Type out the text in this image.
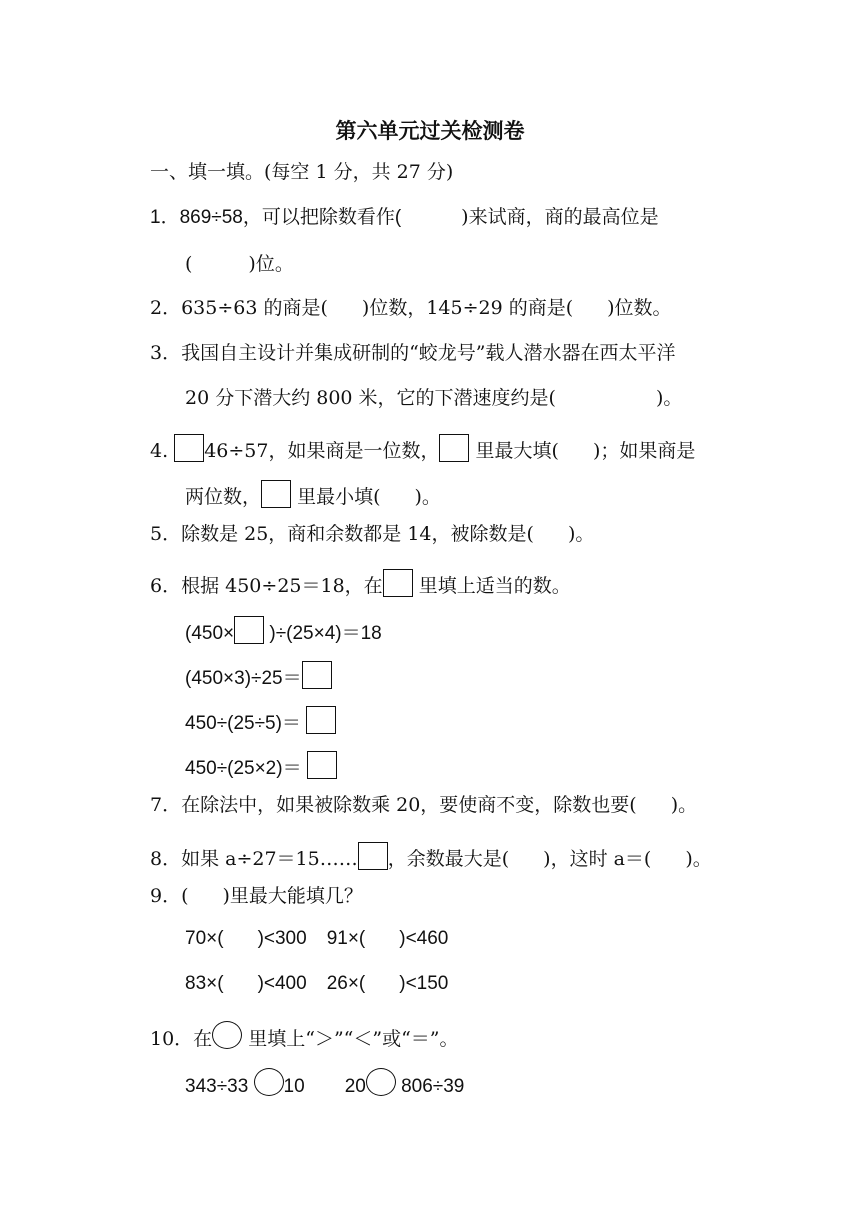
第六单元过关检测卷
一、填一填。(每空 1 分，共 27 分)
1．869÷58，可以把除数看作(	)来试商，商的最高位是
(	)位。
2．635÷63 的商是( )位数，145÷29 的商是( )位数。
3．我国自主设计并集成研制的“蛟龙号”载人潜水器在西太平洋
20 分下潜大约 800 米，它的下潜速度约是(	)。
4. 46÷57，如果商是一位数， 里最大填( )；如果商是
两位数， 里最小填( )。
5．除数是 25，商和余数都是 14，被除数是( )。
6．根据 450÷25＝18，在 里填上适当的数。
(450× )÷(25×4)＝18
(450×3)÷25＝
450÷(25÷5)＝
450÷(25×2)＝
7．在除法中，如果被除数乘 20，要使商不变，除数也要( )。
8．如果 a÷27＝15…… ，余数最大是( )，这时 a＝( )。
9．( )里最大能填几？
70×( )<300 91×( )<460
83×( )<400 26×( )<150
10．在 里填上“＞”“＜”或“＝”。
343÷33 10 20 806÷39
